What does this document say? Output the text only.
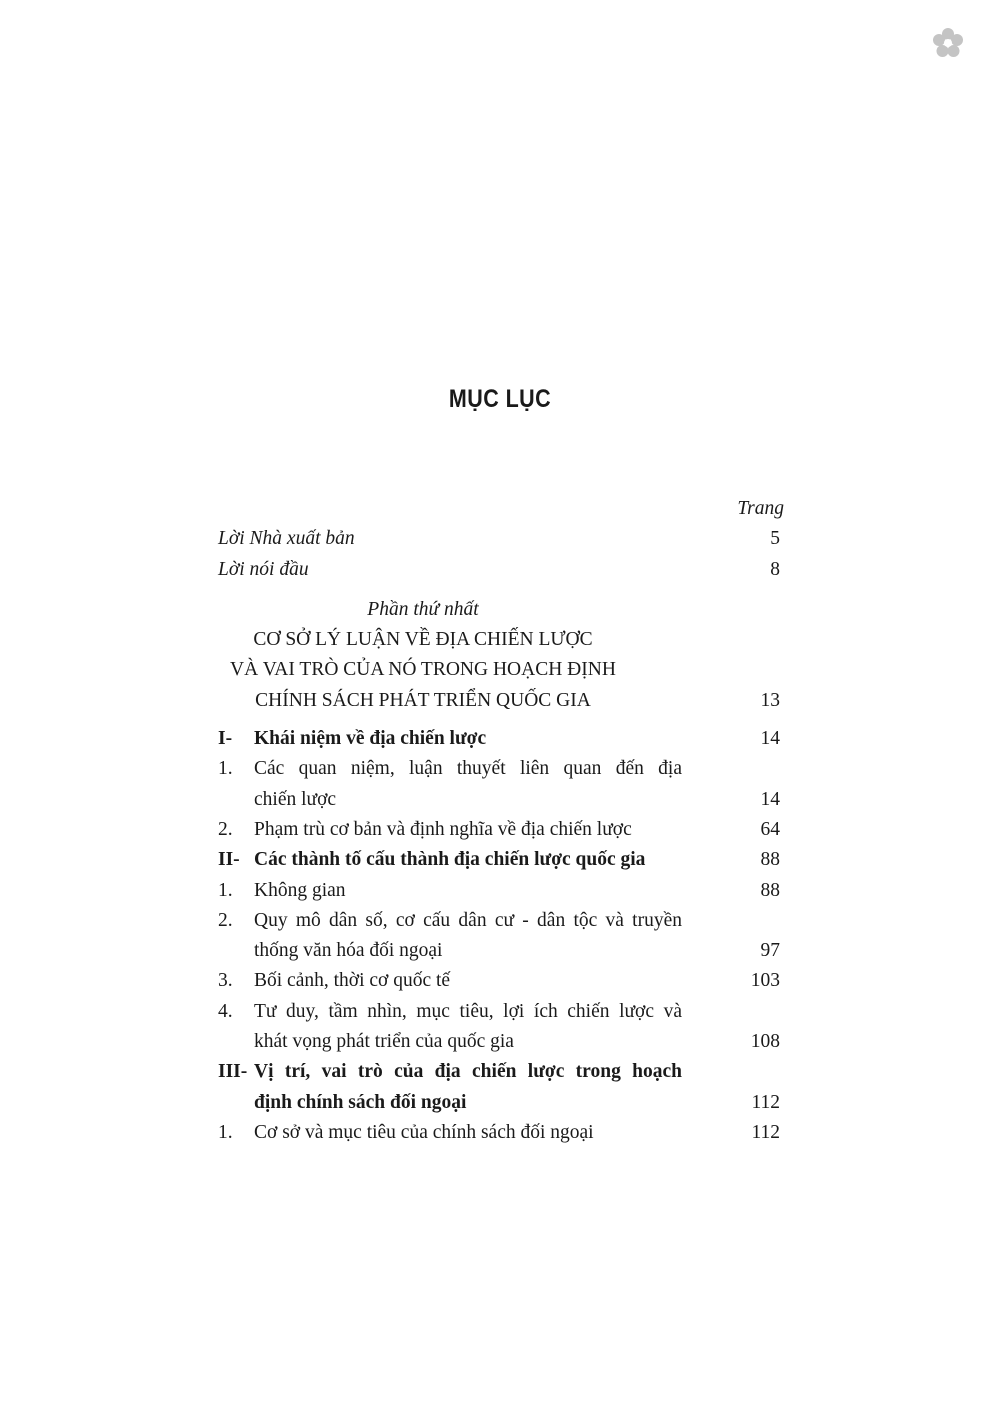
MỤC LỤC
Trang
Lời Nhà xuất bản	5
Lời nói đầu	8
Phần thứ nhất
CƠ SỞ LÝ LUẬN VỀ ĐỊA CHIẾN LƯỢC
VÀ VAI TRÒ CỦA NÓ TRONG HOẠCH ĐỊNH
CHÍNH SÁCH PHÁT TRIỂN QUỐC GIA	13
I- Khái niệm về địa chiến lược	14
1. Các quan niệm, luận thuyết liên quan đến địa
chiến lược	14
2. Phạm trù cơ bản và định nghĩa về địa chiến lược	64
II- Các thành tố cấu thành địa chiến lược quốc gia	88
1. Không gian	88
2. Quy mô dân số, cơ cấu dân cư - dân tộc và truyền
thống văn hóa đối ngoại	97
3. Bối cảnh, thời cơ quốc tế	103
4. Tư duy, tầm nhìn, mục tiêu, lợi ích chiến lược và
khát vọng phát triển của quốc gia	108
III- Vị trí, vai trò của địa chiến lược trong hoạch
định chính sách đối ngoại	112
1. Cơ sở và mục tiêu của chính sách đối ngoại	112
